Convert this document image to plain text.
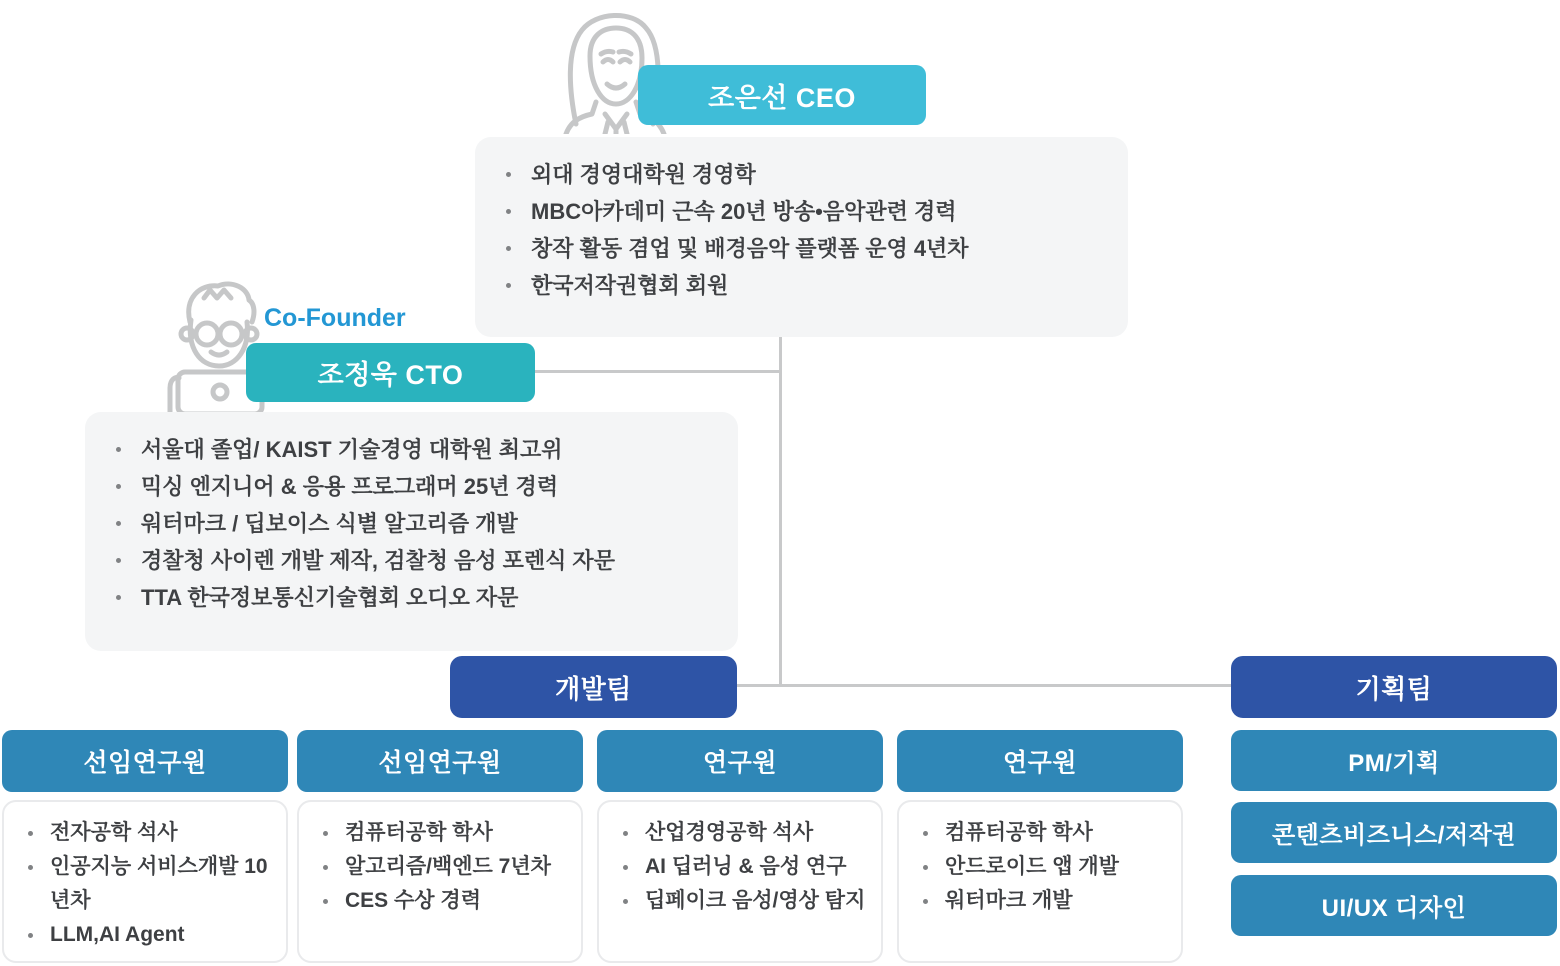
조은선 CEO
외대 경영대학원 경영학
MBC아카데미 근속 20년 방송•음악관련 경력
창작 활동 겸업 및 배경음악 플랫폼 운영 4년차
한국저작권협회 회원
Co-Founder
조정욱 CTO
서울대 졸업/ KAIST 기술경영 대학원 최고위
믹싱 엔지니어 & 응용 프로그래머 25년 경력
워터마크 / 딥보이스 식별 알고리즘 개발
경찰청 사이렌 개발 제작, 검찰청 음성 포렌식 자문
TTA 한국정보통신기술협회 오디오 자문
개발팀	기획팀
선임연구원
전자공학 석사
인공지능 서비스개발 10년차
LLM,AI Agent
선임연구원
컴퓨터공학 학사
알고리즘/백엔드 7년차
CES 수상 경력
연구원
산업경영공학 석사
AI 딥러닝 & 음성 연구
딥페이크 음성/영상 탐지
연구원
컴퓨터공학 학사
안드로이드 앱 개발
워터마크 개발
PM/기획
콘텐츠비즈니스/저작권
UI/UX 디자인
